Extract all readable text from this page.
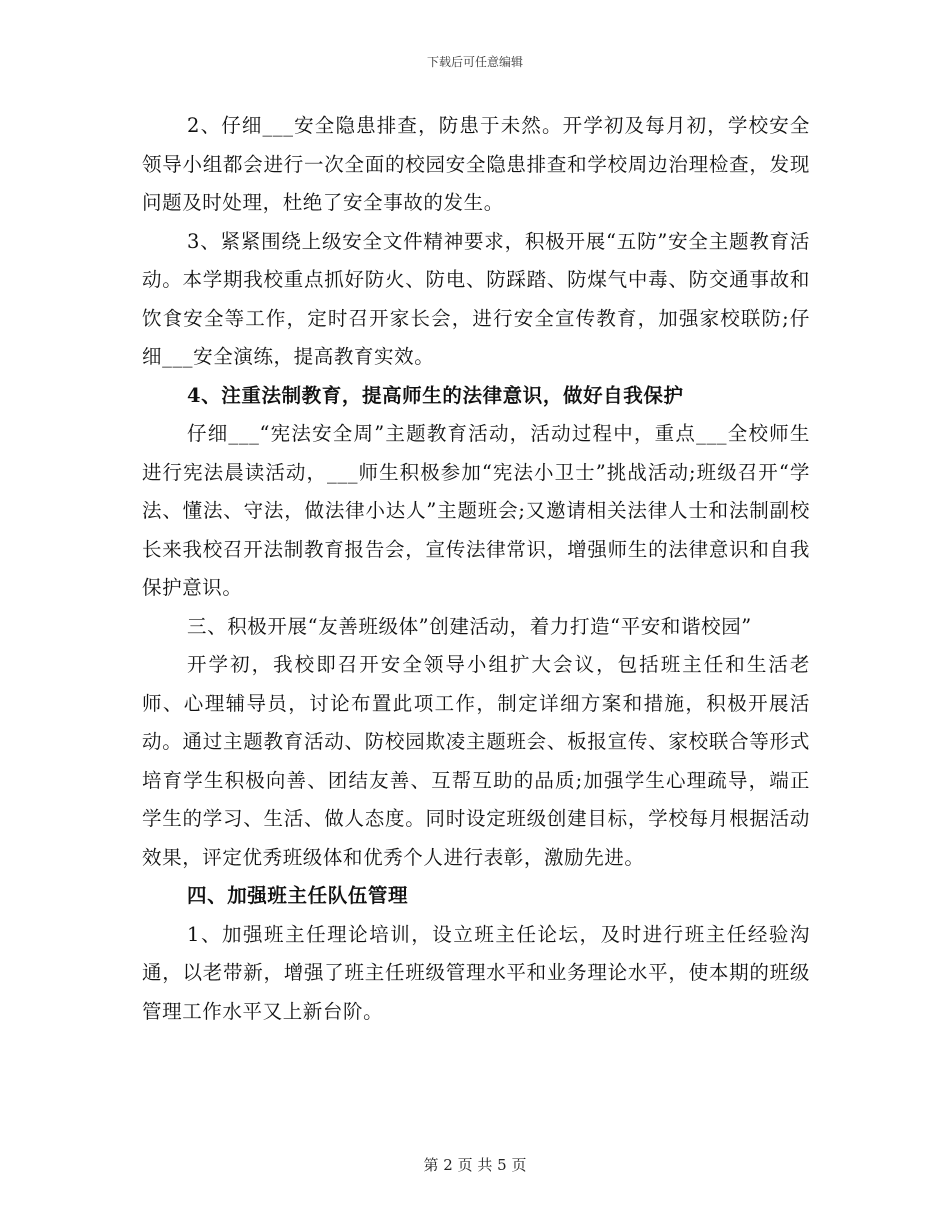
下载后可任意编辑

2、仔细___安全隐患排查，防患于未然。开学初及每月初，学校安全领导小组都会进行一次全面的校园安全隐患排查和学校周边治理检查，发现问题及时处理，杜绝了安全事故的发生。

3、紧紧围绕上级安全文件精神要求，积极开展“五防”安全主题教育活动。本学期我校重点抓好防火、防电、防踩踏、防煤气中毒、防交通事故和饮食安全等工作，定时召开家长会，进行安全宣传教育，加强家校联防;仔细___安全演练，提高教育实效。

4、注重法制教育，提高师生的法律意识，做好自我保护

仔细___“宪法安全周”主题教育活动，活动过程中，重点___全校师生进行宪法晨读活动，___师生积极参加“宪法小卫士”挑战活动;班级召开“学法、懂法、守法，做法律小达人”主题班会;又邀请相关法律人士和法制副校长来我校召开法制教育报告会，宣传法律常识，增强师生的法律意识和自我保护意识。

三、积极开展“友善班级体”创建活动，着力打造“平安和谐校园”

开学初，我校即召开安全领导小组扩大会议，包括班主任和生活老师、心理辅导员，讨论布置此项工作，制定详细方案和措施，积极开展活动。通过主题教育活动、防校园欺凌主题班会、板报宣传、家校联合等形式培育学生积极向善、团结友善、互帮互助的品质;加强学生心理疏导，端正学生的学习、生活、做人态度。同时设定班级创建目标，学校每月根据活动效果，评定优秀班级体和优秀个人进行表彰，激励先进。

四、加强班主任队伍管理

1、加强班主任理论培训，设立班主任论坛，及时进行班主任经验沟通，以老带新，增强了班主任班级管理水平和业务理论水平，使本期的班级管理工作水平又上新台阶。

第 2 页 共 5 页
